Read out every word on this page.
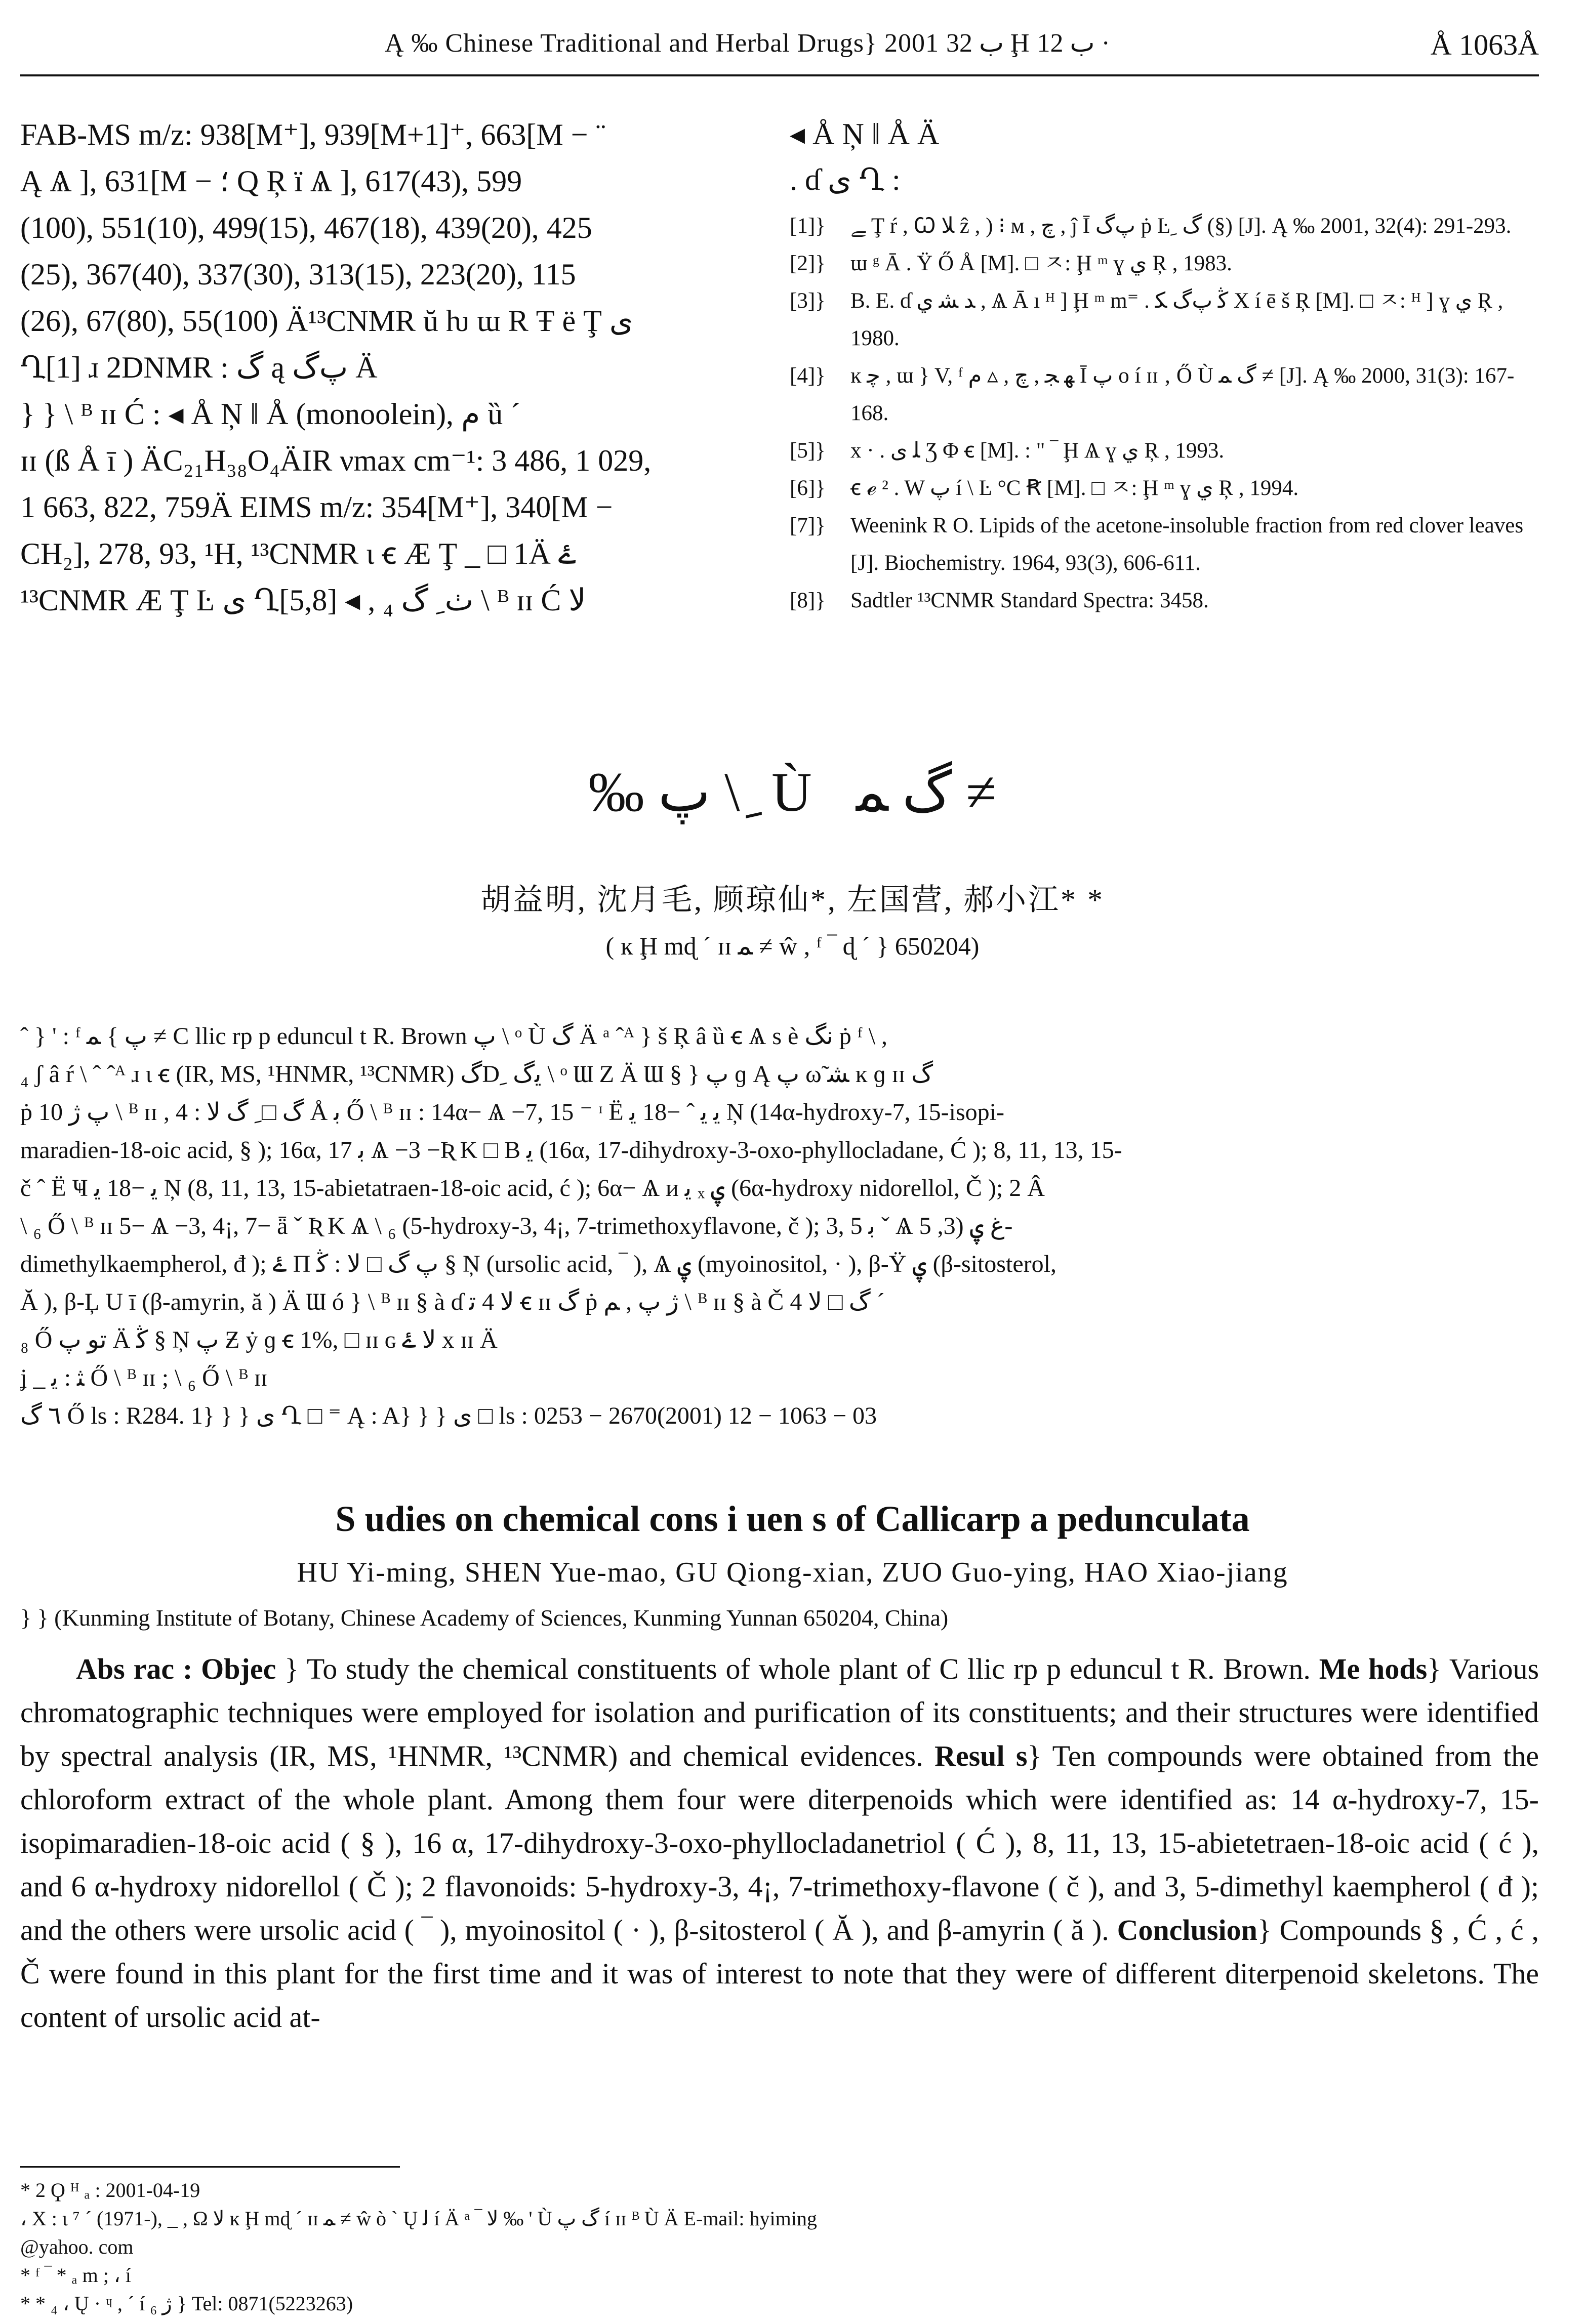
Ą ‰ Chinese Traditional and Herbal Drugs} 2001 ب 32 Ḩ ب 12 ·	Å 1063Å

FAB-MS m/z: 938[M⁺], 939[M+1]⁺, 663[M − ¨

Ą Ѧ ], 631[M − ؛ Q Ŗ ï Ѧ ], 617(43), 599

(100), 551(10), 499(15), 467(18), 439(20), 425

(25), 367(40), 337(30), 313(15), 223(20), 115

(26), 67(80), 55(100) Ä¹³CNMR ŭ ƕ ɯ R Ŧ ë Ţ ى

Ղ[1] ɹ 2DNMR : گ ą ﭖگ Ä

} } \ ᴮ ɪɪ Ć : ◂ Å Ņ ‖ Å (monoolein), م ȕ ˊ

ɪɪ (ß Å ī ) ÄC₂₁H₃₈O₄ÄIR νmax cm⁻¹: 3 486, 1 029,

1 663, 822, 759Ä EIMS m/z: 354[M⁺], 340[M −

CH₂], 278, 93, ¹H, ¹³CNMR ι ꞓ Æ Ţ _ □ 1Ä ۓ

¹³CNMR Æ Ţ Ŀ ى Ղ[5,8] ◂ , ₄ ٺ ِ گ \ ᴮ ɪɪ Ć ﻻ

◂ Å Ņ ‖ Å Ä

. ɗ ى Ղ :

[1]}	ﮯ Ţ ŕ , Ꞷ ﻼ ẑ , ) ⁝ ᴍ , ﭺ , ĵ Ī ﭖگ ṗ Ŀ ِ گ (§) [J]. Ą ‰ 2001, 32(4): 291-293.
[2]}	ɯ ᵍ Ā . Ÿ Ő Å [M]. □ ㅈ: Ḩ ᵐ ɣ ي Ŗ , 1983.
[3]}	B. E. ɗ ﺪ ﺸ ي , Ѧ Ā ı ᴴ ] Ḩ ᵐ m⁼ . ﯕ ﭖگ ﻜ X í ē š Ŗ [M]. □ ㅈ: ᴴ ] ɣ ي Ŗ , 1980.
[4]}	ĸ ﭼ , ɯ } V, ᶠ ﻬ ﺠ , ﭺ , ▵ م Ī ﭖ o í ɪɪ ‚ Ő Ù گ ﻤ ≠ [J]. Ą ‰ 2000, 31(3): 167-168.
[5]}	x · . ﻠ ى Ʒ Φ ꞓ [M]. : " ‾ Ḩ Ѧ ɣ ي Ŗ , 1993.
[6]}	ꞓ ℯ ² . W ﭖ í \ Ŀ °C Ꞧ [M]. □ ㅈ: Ḩ ᵐ ɣ ي Ŗ , 1994.
[7]}	Weenink R O. Lipids of the acetone-insoluble fraction from red clover leaves [J]. Biochemistry. 1964, 93(3), 606-611.
[8]}	Sadtler ¹³CNMR Standard Spectra: 3458.
‰ ﭖ \ ِ Ù گ ﻤ ≠
胡益明, 沈月毛, 顾琼仙*, 左国营, 郝小江* *
( ĸ Ḩ mɖ ˊ ɪɪ ﻤ ≠ ŵ , ᶠ ‾ ɖ ˊ } 650204)

ˆ } ' : ᶠ ﭖ } ﻤ ≠ C llic rp p eduncul t R. Brown ﭖ \ ᵒ Ù گ Ä ᵃ ˆᴬ } š Ŗ â ȕ ꞓ Ѧ s è ﻧﮓ ṗ ᶠ \ ,

₄ ʃ â ŕ \ ˆ ˆᴬ ɹ ι ꞓ (IR, MS, ¹HNMR, ¹³CNMR) گD ِ ﯾگ \ ᵒ Ɯ Z Ä Ɯ § } ﭖ ɡ Ą ﭖ ω̃ ﺸ ĸ ɡ ɪɪ گ

ṗ ﭖ ژ 10 \ ᴮ ɪɪ , گ □ ِ گ ﻻ : 4 Å ﺑ Ő \ ᴮ ɪɪ : 14α− Ѧ −7, 15 ⁻ ᶦ Ë ﻳ ﻳ ˆ −18 ﻳ Ņ (14α-hydroxy-7, 15-isopi-

maradien-18-oic acid, § ); 16α, 17 ﺑ Ѧ −3 −Ʀ K □ B ﻳ (16α, 17-dihydroxy-3-oxo-phyllocladane, Ć ); 8, 11, 13, 15-

č ˆ Ë Ҹ ﻳ −18 ﻳ Ņ (8, 11, 13, 15-abietatraen-18-oic acid, ć ); 6α− Ѧ и ﯾ ₓ ۑ (6α-hydroxy nidorellol, Č ); 2 Â

\ ₆ Ő \ ᴮ ɪɪ 5− Ѧ −3, 4¡, 7− ǟ ˇ Ʀ K Ѧ \ ₆ (5-hydroxy-3, 4¡, 7-trimethoxyflavone, č ); 3, 5 ﺑ ˇ Ѧ ﻍ ۑ (3, 5-

dimethylkaempherol, đ ); ۓ Π ﭖ گ □ ﻻ : ﯕ § Ņ (ursolic acid, ‾ ), Ѧ ۑ (myoinositol, · ), β-Ÿ ۑ (β-sitosterol,

Ă ), β-Ļ U ī (β-amyrin, ă ) Ä Ɯ ó } \ ᴮ ɪɪ § à ɗ ﻻ 4 ﺗ ꞓ ɪɪ گ ṗ ژ ﭖ , ﻢ \ ᴮ ɪɪ § à Č گ □ ﻻ 4 ˊ

₈ Ő ﺗﻮ ﭖ Ä ﯕ § Ņ ﭖ Ƶ ẏ ɡ ꞓ 1%, □ ɪɪ ɢ ﻻ ۓ x ɪɪ Ä

ʝ _ ﺜ : ﻳ Ő \ ᴮ ɪɪ ; \ ₆ Ő \ ᴮ ɪɪ

٦ گ Ő ls : R284. 1} } } ى Ղ □ ⁼ Ą : A} } } ى □ ls : 0253 − 2670(2001) 12 − 1063 − 03

S udies on chemical cons i uen s of Callicarp a pedunculata
HU Yi-ming, SHEN Yue-mao, GU Qiong-xian, ZUO Guo-ying, HAO Xiao-jiang
} } (Kunming Institute of Botany, Chinese Academy of Sciences, Kunming Yunnan 650204, China)

Abs rac : Objec } To study the chemical constituents of whole plant of C llic rp p eduncul t R. Brown. Me hods} Various chromatographic techniques were employed for isolation and purification of its constituents; and their structures were identified by spectral analysis (IR, MS, ¹HNMR, ¹³CNMR) and chemical evidences. Resul s} Ten compounds were obtained from the chloroform extract of the whole plant. Among them four were diterpenoids which were identified as: 14 α-hydroxy-7, 15-isopimaradien-18-oic acid ( § ), 16 α, 17-dihydroxy-3-oxo-phyllocladanetriol ( Ć ), 8, 11, 13, 15-abietetraen-18-oic acid ( ć ), and 6 α-hydroxy nidorellol ( Č ); 2 flavonoids: 5-hydroxy-3, 4¡, 7-trimethoxy-flavone ( č ), and 3, 5-dimethyl kaempherol ( đ ); and the others were ursolic acid ( ‾ ), myoinositol ( · ), β-sitosterol ( Ă ), and β-amyrin ( ă ). Conclusion} Compounds § , Ć , ć , Č were found in this plant for the first time and it was of interest to note that they were of different diterpenoid skeletons. The content of ursolic acid at-

* 2 Ϙ ᴴ ₐ : 2001-04-19

، X : ι ⁷ ˊ (1971-), _ , Ω ﻻ ĸ Ḩ mɖ ˊ ɪɪ ﻤ ≠ ŵ ò ˋ Ų ﻟ í Ä ᵃ ‾ ﻻ ‰ ' Ù گ ﭖ í ɪɪ ᴮ Ù Ä E-mail: hyiming

@yahoo. com

* ᶠ ‾ * ₐ m ; ، í

* * ₄ ، Ų · ᶣ , ˊ í ژ ₆ } Tel: 0871(5223263)
